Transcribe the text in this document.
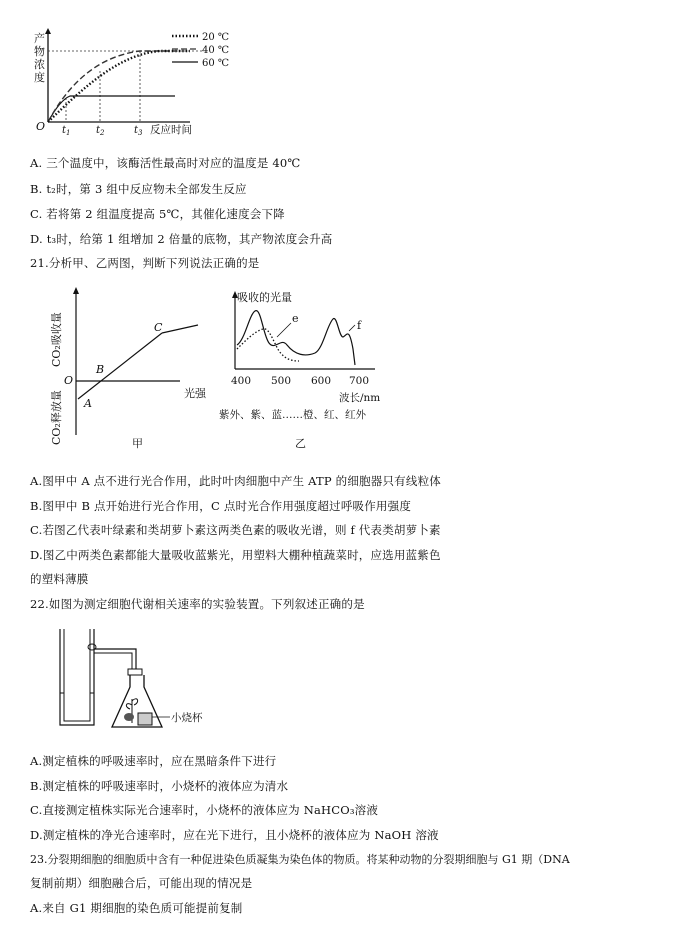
产
物
浓
度
O $t_1$	$t_2$	$t_3$ 反应时间
20 ℃
40 ℃
60 ℃
A. 三个温度中，该酶活性最高时对应的温度是 40℃
B. t₂时，第 3 组中反应物未全部发生反应
C. 若将第 2 组温度提高 5℃，其催化速度会下降
D. t₃时，给第 1 组增加 2 倍量的底物，其产物浓度会升高
21.分析甲、乙两图，判断下列说法正确的是
CO₂吸收量
CO₂释放量
O
A
B
C
光强
甲
吸收的光量
e
f
400 500 600 700
波长/nm
紫外、紫、蓝……橙、红、红外
乙
A.图甲中 A 点不进行光合作用，此时叶肉细胞中产生 ATP 的细胞器只有线粒体
B.图甲中 B 点开始进行光合作用，C 点时光合作用强度超过呼吸作用强度
C.若图乙代表叶绿素和类胡萝卜素这两类色素的吸收光谱，则 f 代表类胡萝卜素
D.图乙中两类色素都能大量吸收蓝紫光，用塑料大棚种植蔬菜时，应选用蓝紫色
的塑料薄膜
22.如图为测定细胞代谢相关速率的实验装置。下列叙述正确的是
小烧杯
A.测定植株的呼吸速率时，应在黑暗条件下进行
B.测定植株的呼吸速率时，小烧杯的液体应为清水
C.直接测定植株实际光合速率时，小烧杯的液体应为 NaHCO₃溶液
D.测定植株的净光合速率时，应在光下进行，且小烧杯的液体应为 NaOH 溶液
23.分裂期细胞的细胞质中含有一种促进染色质凝集为染色体的物质。将某种动物的分裂期细胞与 G1 期（DNA
复制前期）细胞融合后，可能出现的情况是
A.来自 G1 期细胞的染色质可能提前复制
